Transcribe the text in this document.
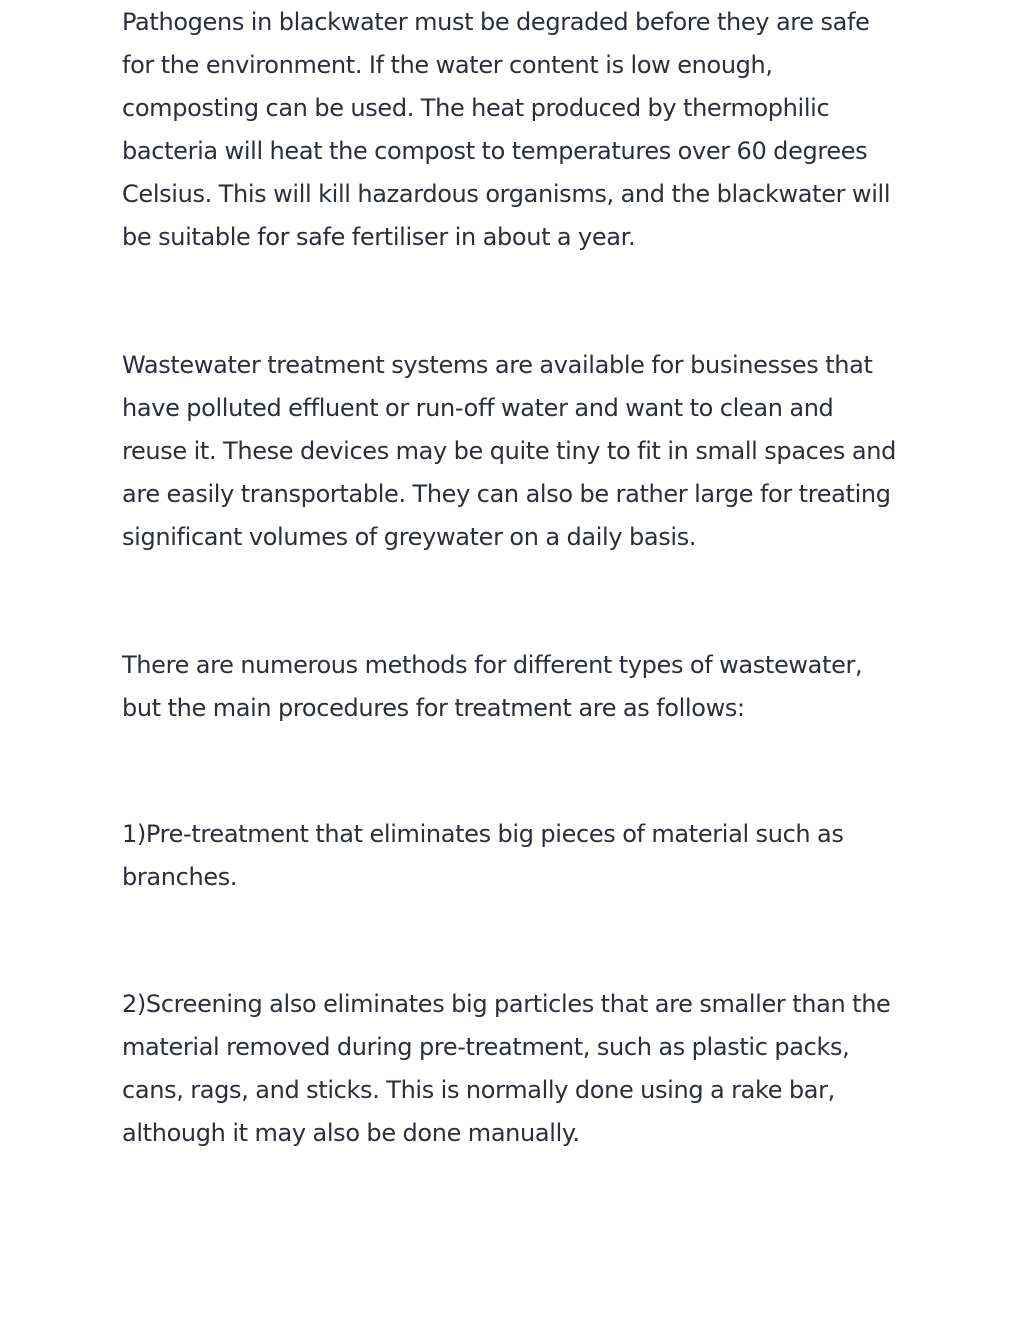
Pathogens in blackwater must be degraded before they are safe for the environment. If the water content is low enough, composting can be used. The heat produced by thermophilic bacteria will heat the compost to temperatures over 60 degrees Celsius. This will kill hazardous organisms, and the blackwater will be suitable for safe fertiliser in about a year.

Wastewater treatment systems are available for businesses that have polluted effluent or run-off water and want to clean and reuse it. These devices may be quite tiny to fit in small spaces and are easily transportable. They can also be rather large for treating significant volumes of greywater on a daily basis.

There are numerous methods for different types of wastewater, but the main procedures for treatment are as follows:

1)Pre-treatment that eliminates big pieces of material such as branches.

2)Screening also eliminates big particles that are smaller than the material removed during pre-treatment, such as plastic packs, cans, rags, and sticks. This is normally done using a rake bar, although it may also be done manually.
